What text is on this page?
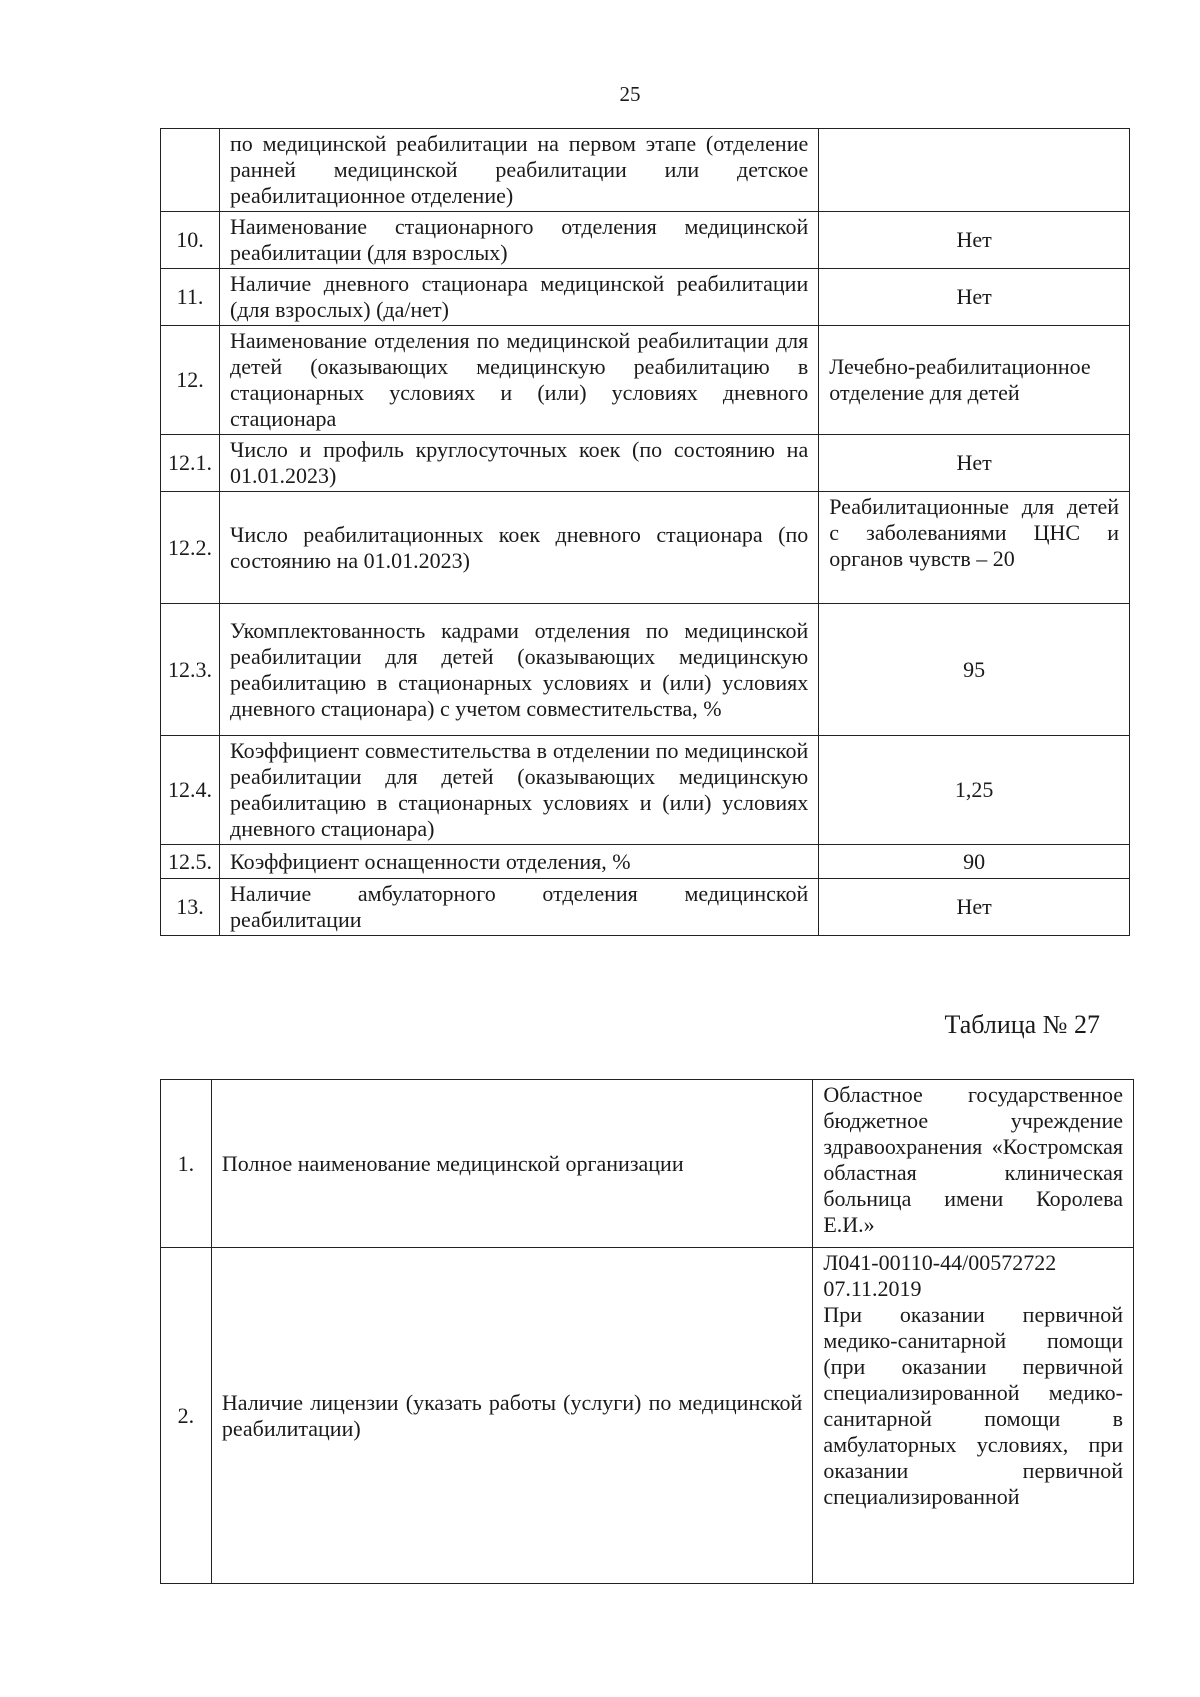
25
	по медицинской реабилитации на первом этапе (отделение ранней медицинской реабилитации или детское реабилитационное отделение)	
10.	Наименование стационарного отделения медицинской реабилитации (для взрослых)	Нет
11.	Наличие дневного стационара медицинской реабилитации (для взрослых) (да/нет)	Нет
12.	Наименование отделения по медицинской реабилитации для детей (оказывающих медицинскую реабилитацию в стационарных условиях и (или) условиях дневного стационара	Лечебно-реабилитационное отделение для детей
12.1.	Число и профиль круглосуточных коек (по состоянию на 01.01.2023)	Нет
12.2.	Число реабилитационных коек дневного стационара (по состоянию на 01.01.2023)	Реабилитационные для детей с заболеваниями ЦНС и органов чувств – 20
12.3.	Укомплектованность кадрами отделения по медицинской реабилитации для детей (оказывающих медицинскую реабилитацию в стационарных условиях и (или) условиях дневного стационара) с учетом совместительства, %	95
12.4.	Коэффициент совместительства в отделении по медицинской реабилитации для детей (оказывающих медицинскую реабилитацию в стационарных условиях и (или) условиях дневного стационара)	1,25
12.5.	Коэффициент оснащенности отделения, %	90
13.	Наличие амбулаторного отделения медицинской реабилитации	Нет
Таблица № 27
1.	Полное наименование медицинской организации	Областное государственное бюджетное учреждение здравоохранения «Костромская областная клиническая больница имени Королева Е.И.»
2.	Наличие лицензии (указать работы (услуги) по медицинской реабилитации)	Л041-00110-44/00572722
07.11.2019
При оказании первичной медико-санитарной помощи (при оказании первичной специализированной медико-санитарной помощи в амбулаторных условиях, при оказании первичной специализированной
